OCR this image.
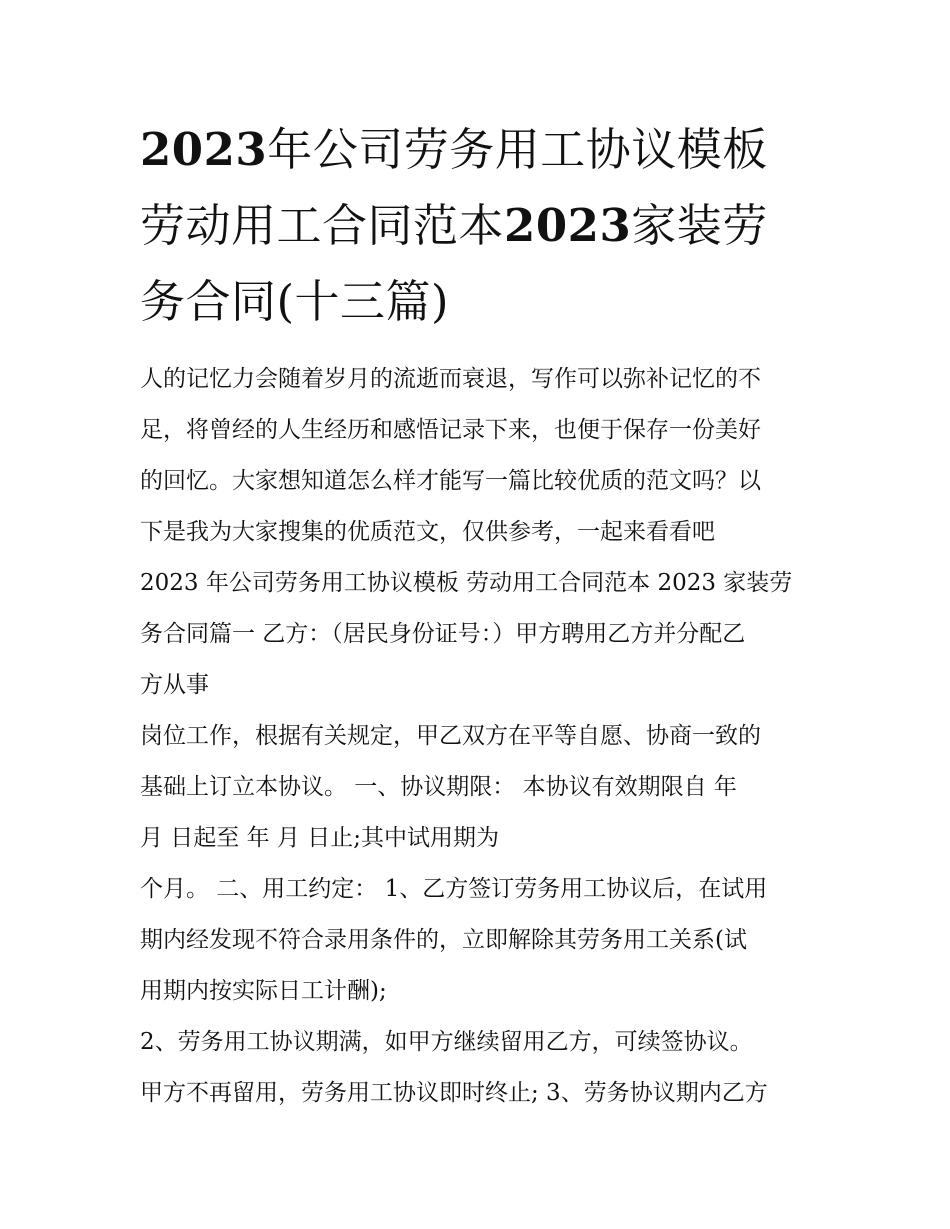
2023年公司劳务用工协议模板
劳动用工合同范本2023家装劳
务合同(十三篇)
人的记忆力会随着岁月的流逝而衰退，写作可以弥补记忆的不
足，将曾经的人生经历和感悟记录下来，也便于保存一份美好
的回忆。大家想知道怎么样才能写一篇比较优质的范文吗？以
下是我为大家搜集的优质范文，仅供参考，一起来看看吧
2023 年公司劳务用工协议模板 劳动用工合同范本 2023 家装劳
务合同篇一 乙方：（居民身份证号：）甲方聘用乙方并分配乙
方从事
岗位工作，根据有关规定，甲乙双方在平等自愿、协商一致的
基础上订立本协议。 一、协议期限： 本协议有效期限自 年
月 日起至 年 月 日止;其中试用期为
个月。 二、用工约定： 1、乙方签订劳务用工协议后，在试用
期内经发现不符合录用条件的，立即解除其劳务用工关系(试
用期内按实际日工计酬);
2、劳务用工协议期满，如甲方继续留用乙方，可续签协议。
甲方不再留用，劳务用工协议即时终止; 3、劳务协议期内乙方
